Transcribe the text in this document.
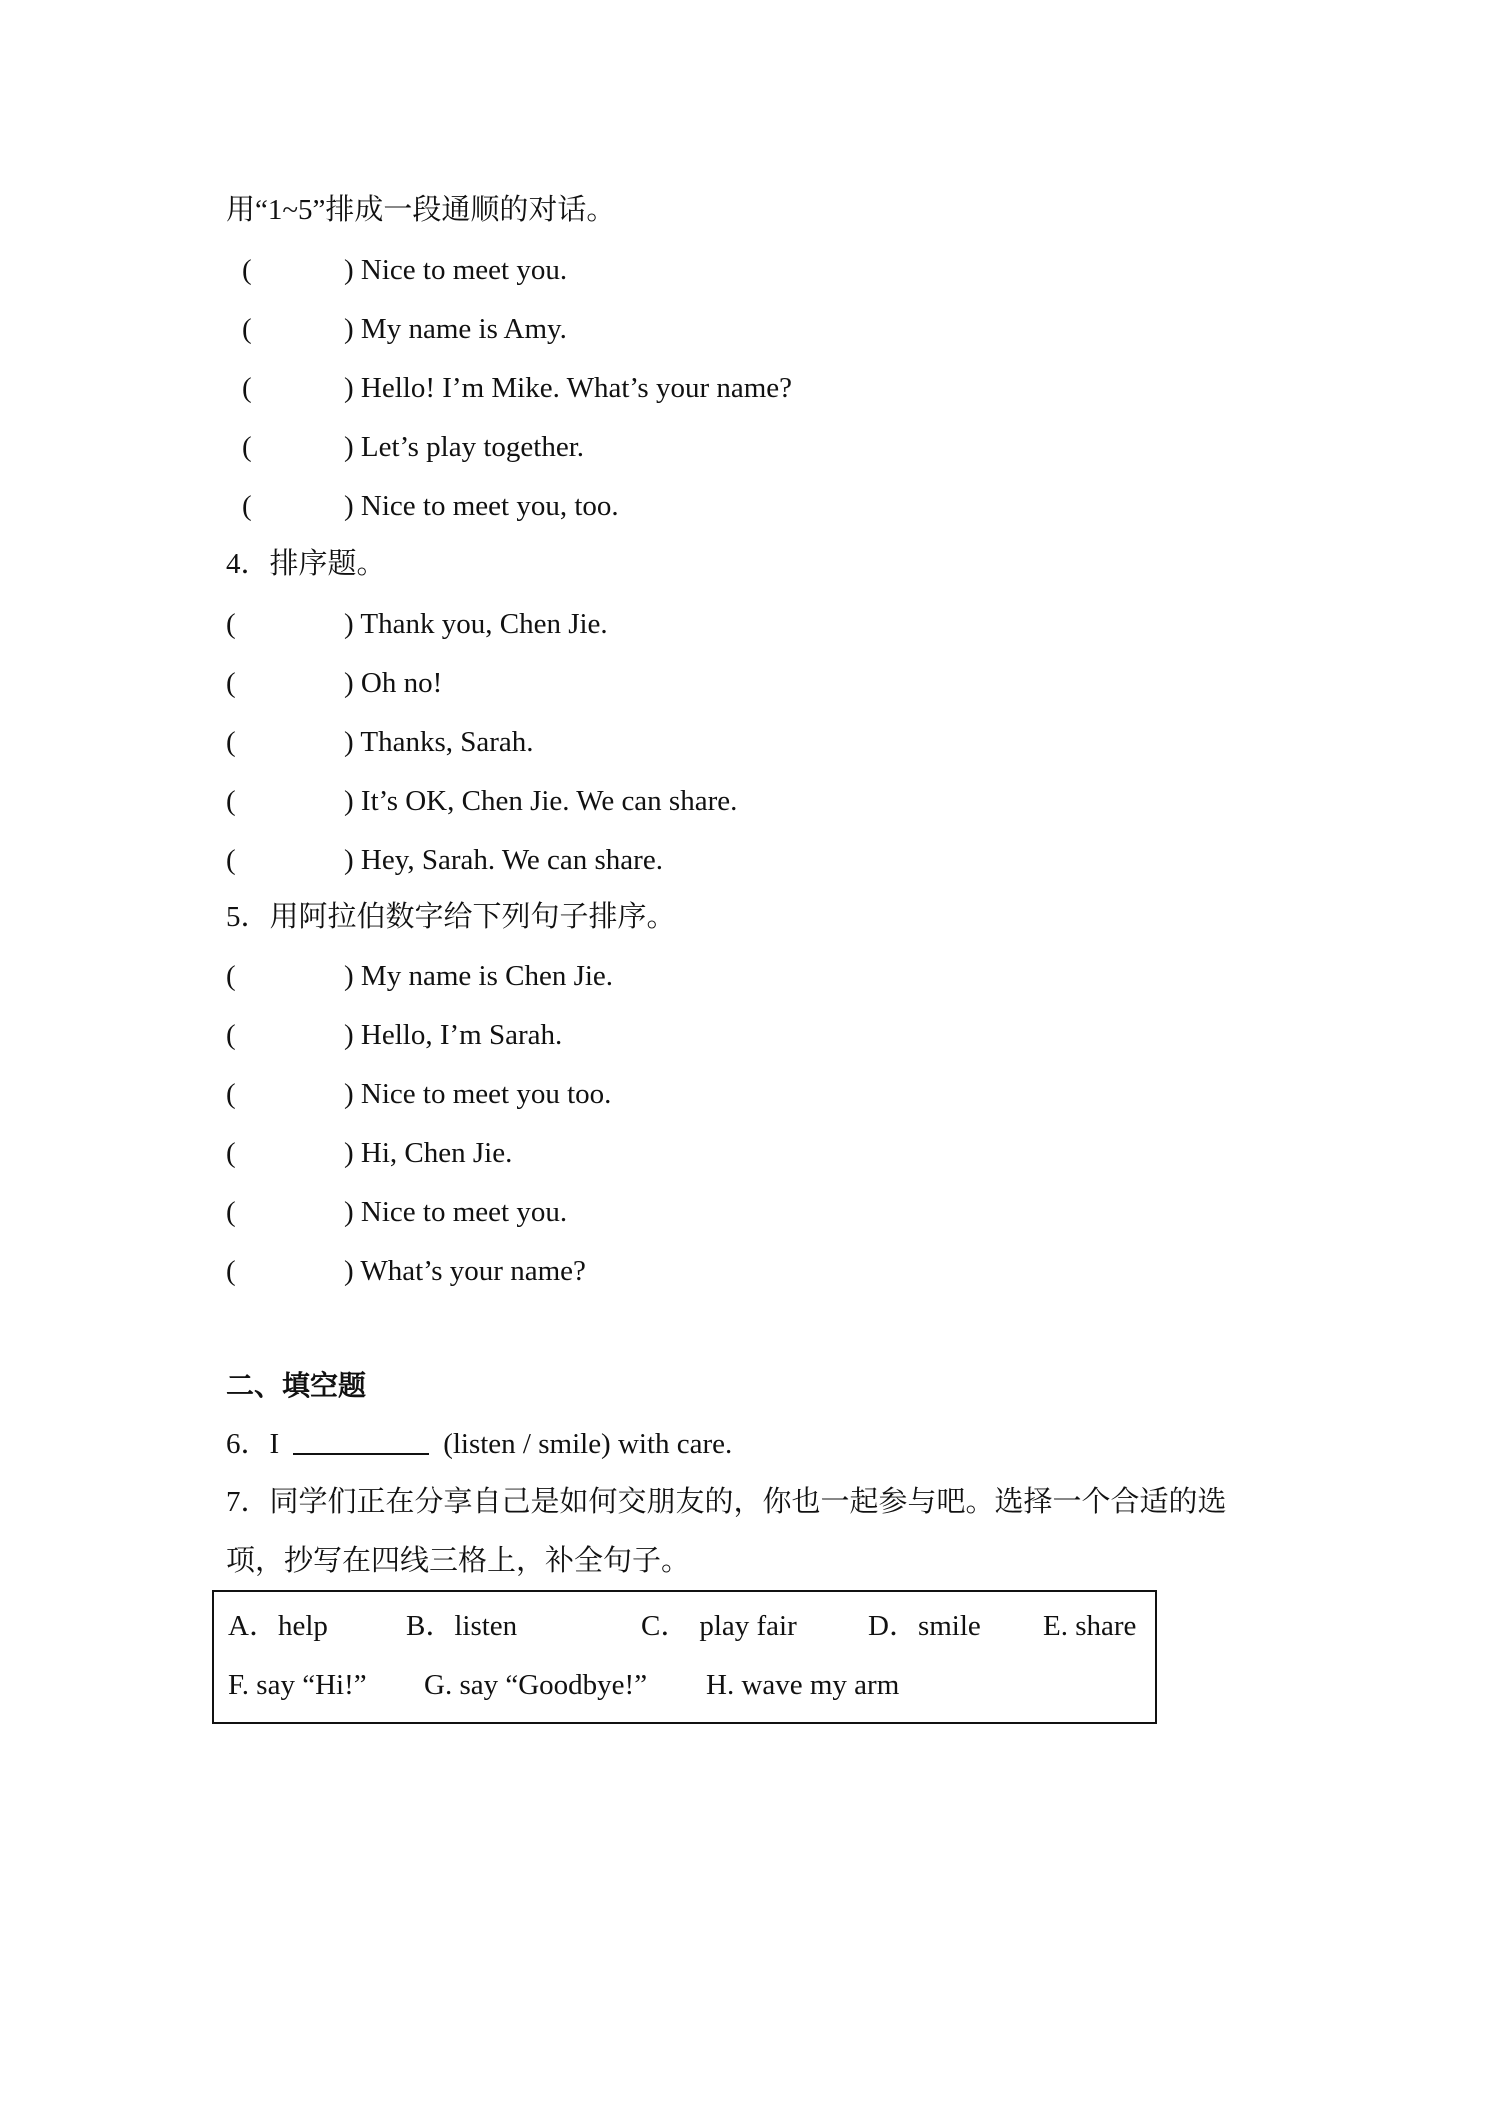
用“1~5”排成一段通顺的对话。
(	) Nice to meet you.
(	) My name is Amy.
(	) Hello! I’m Mike. What’s your name?
(	) Let’s play together.
(	) Nice to meet you, too.
4．排序题。
(	) Thank you, Chen Jie.
(	) Oh no!
(	) Thanks, Sarah.
(	) It’s OK, Chen Jie. We can share.
(	) Hey, Sarah. We can share.
5．用阿拉伯数字给下列句子排序。
(	) My name is Chen Jie.
(	) Hello, I’m Sarah.
(	) Nice to meet you too.
(	) Hi, Chen Jie.
(	) Nice to meet you.
(	) What’s your name?
二、填空题
6．I	(listen / smile) with care.
7．同学们正在分享自己是如何交朋友的，你也一起参与吧。选择一个合适的选
项，抄写在四线三格上，补全句子。
A．help	B．listen	C． play fair D．smile E. share
F. say “Hi!” G. say “Goodbye!” H. wave my arm
